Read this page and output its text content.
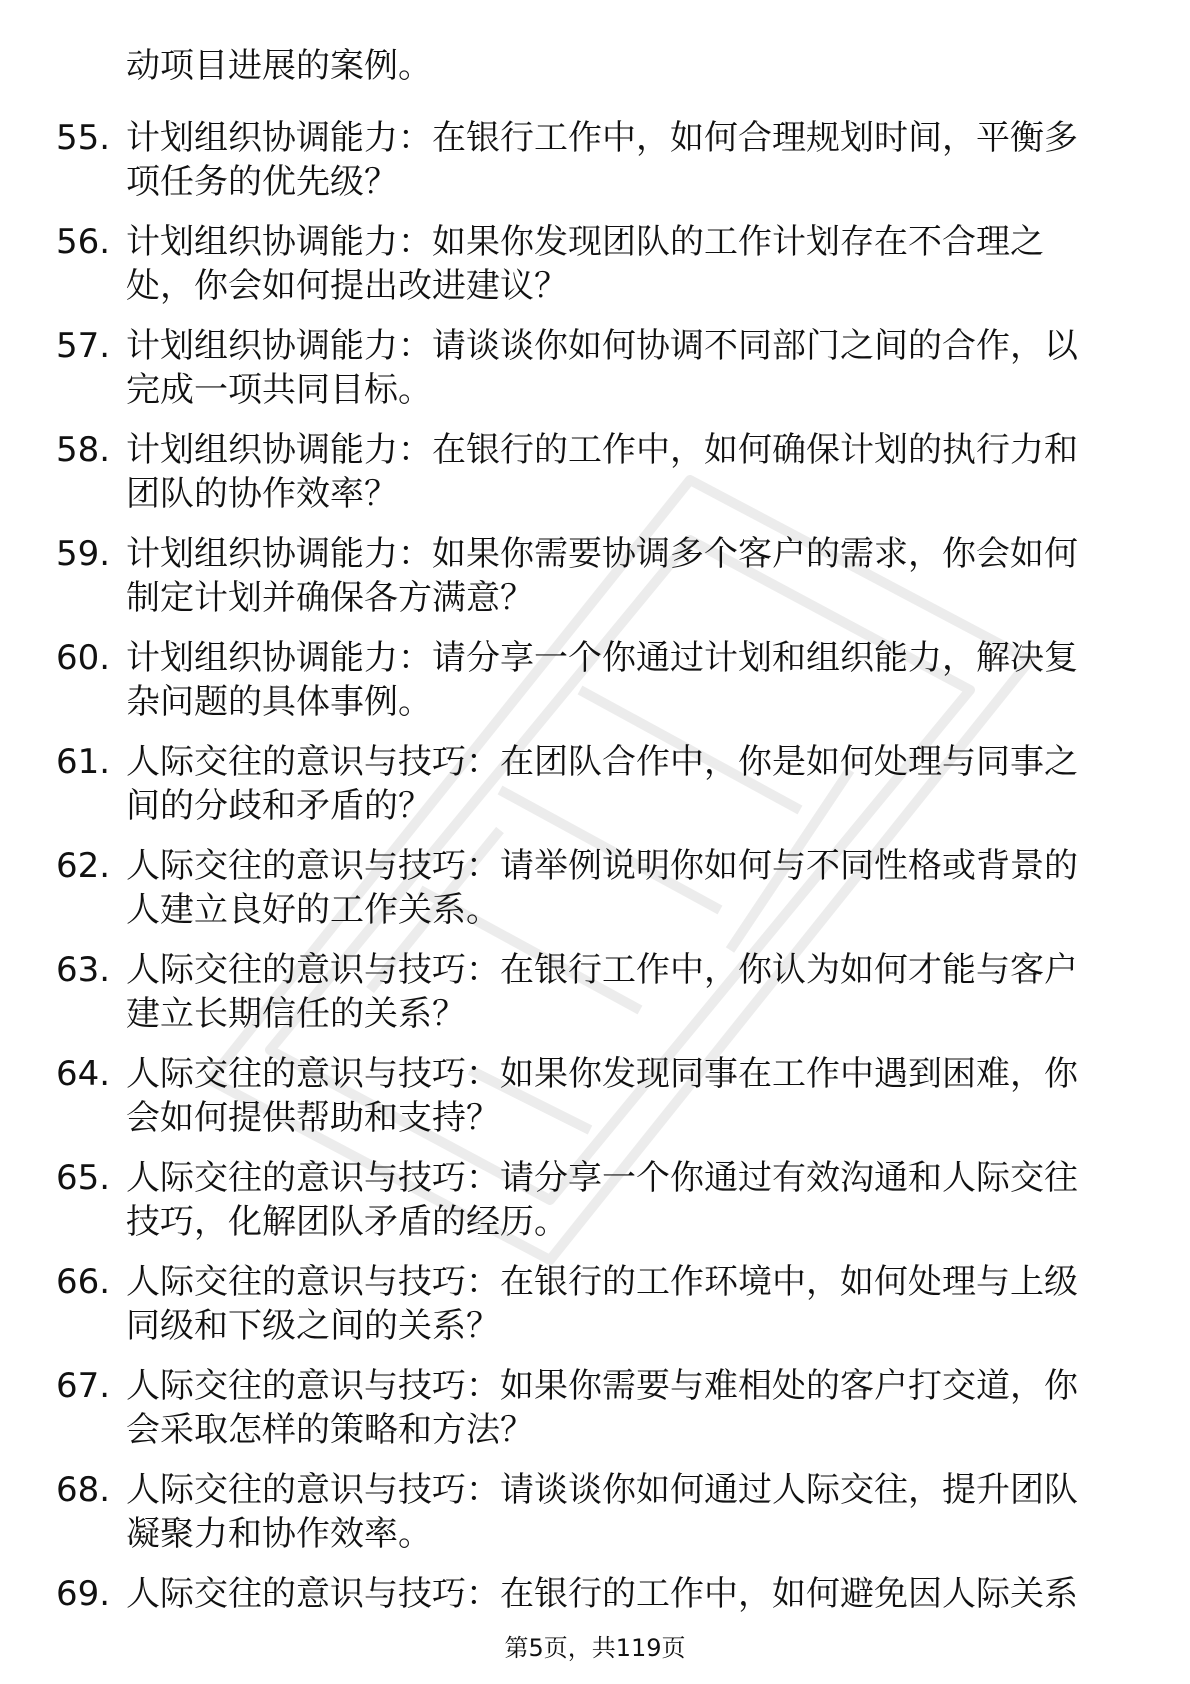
动项目进展的案例。
55. 计划组织协调能力：在银行工作中，如何合理规划时间，平衡多
项任务的优先级？
56. 计划组织协调能力：如果你发现团队的工作计划存在不合理之
处，你会如何提出改进建议？
57. 计划组织协调能力：请谈谈你如何协调不同部门之间的合作，以
完成一项共同目标。
58. 计划组织协调能力：在银行的工作中，如何确保计划的执行力和
团队的协作效率？
59. 计划组织协调能力：如果你需要协调多个客户的需求，你会如何
制定计划并确保各方满意？
60. 计划组织协调能力：请分享一个你通过计划和组织能力，解决复
杂问题的具体事例。
61. 人际交往的意识与技巧：在团队合作中，你是如何处理与同事之
间的分歧和矛盾的？
62. 人际交往的意识与技巧：请举例说明你如何与不同性格或背景的
人建立良好的工作关系。
63. 人际交往的意识与技巧：在银行工作中，你认为如何才能与客户
建立长期信任的关系？
64. 人际交往的意识与技巧：如果你发现同事在工作中遇到困难，你
会如何提供帮助和支持？
65. 人际交往的意识与技巧：请分享一个你通过有效沟通和人际交往
技巧，化解团队矛盾的经历。
66. 人际交往的意识与技巧：在银行的工作环境中，如何处理与上级
同级和下级之间的关系？
67. 人际交往的意识与技巧：如果你需要与难相处的客户打交道，你
会采取怎样的策略和方法？
68. 人际交往的意识与技巧：请谈谈你如何通过人际交往，提升团队
凝聚力和协作效率。
69. 人际交往的意识与技巧：在银行的工作中，如何避免因人际关系
第5页，共119页
